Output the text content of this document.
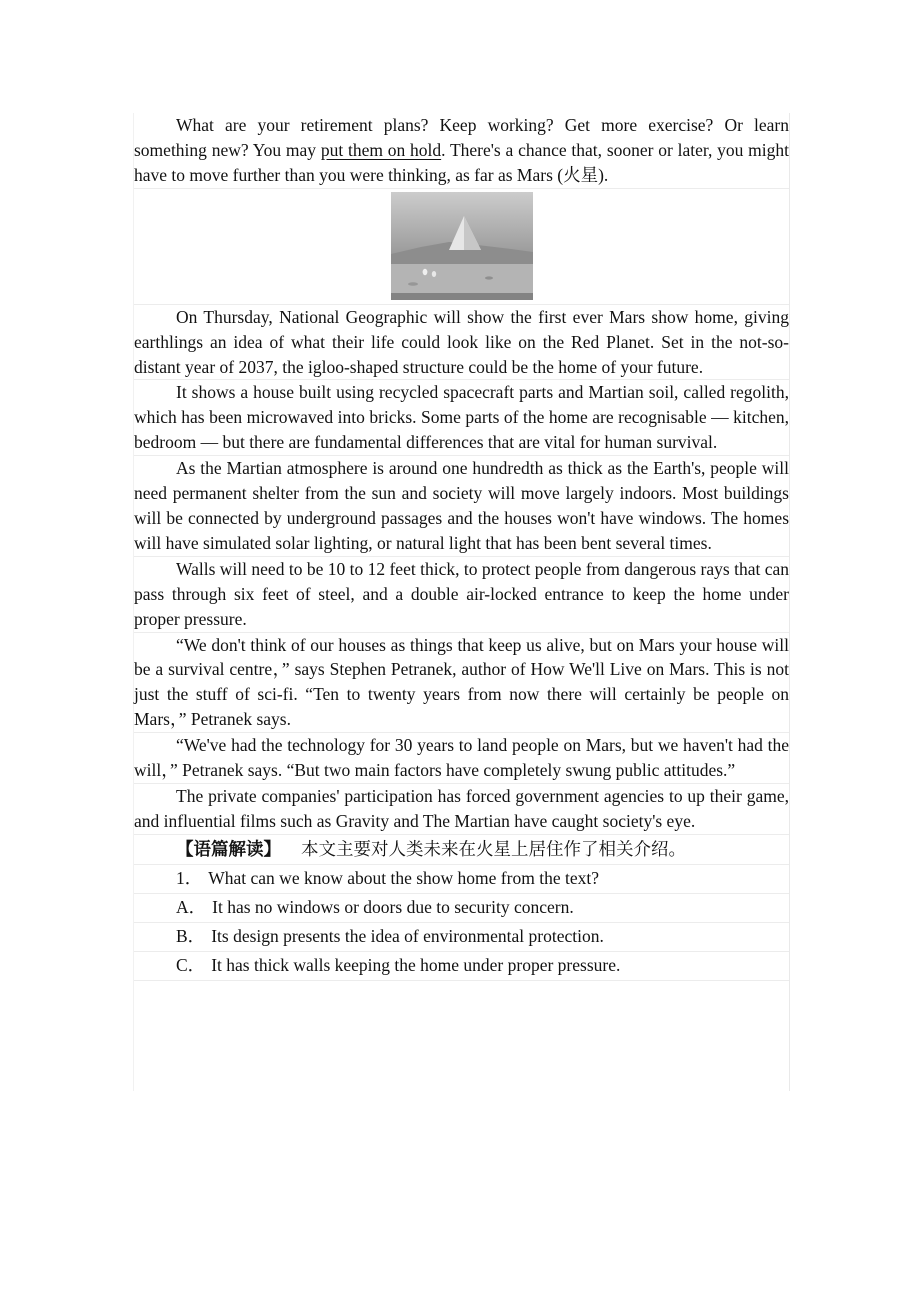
What are your retirement plans? Keep working? Get more exercise? Or learn something new? You may put them on hold. There's a chance that, sooner or later, you might have to move further than you were thinking, as far as Mars (火星).

On Thursday, National Geographic will show the first ever Mars show home, giving earthlings an idea of what their life could look like on the Red Planet. Set in the not-so-distant year of 2037, the igloo-shaped structure could be the home of your future.

It shows a house built using recycled spacecraft parts and Martian soil, called regolith, which has been microwaved into bricks. Some parts of the home are recognisable — kitchen, bedroom — but there are fundamental differences that are vital for human survival.

As the Martian atmosphere is around one hundredth as thick as the Earth's, people will need permanent shelter from the sun and society will move largely indoors. Most buildings will be connected by underground passages and the houses won't have windows. The homes will have simulated solar lighting, or natural light that has been bent several times.

Walls will need to be 10 to 12 feet thick, to protect people from dangerous rays that can pass through six feet of steel, and a double air-locked entrance to keep the home under proper pressure.

“We don't think of our houses as things that keep us alive, but on Mars your house will be a survival centre，” says Stephen Petranek, author of How We'll Live on Mars. This is not just the stuff of sci-fi. “Ten to twenty years from now there will certainly be people on Mars，” Petranek says.

“We've had the technology for 30 years to land people on Mars, but we haven't had the will，” Petranek says. “But two main factors have completely swung public attitudes.”

The private companies' participation has forced government agencies to up their game, and influential films such as Gravity and The Martian have caught society's eye.

【语篇解读】 本文主要对人类未来在火星上居住作了相关介绍。

1． What can we know about the show home from the text?

A． It has no windows or doors due to security concern.

B． Its design presents the idea of environmental protection.

C． It has thick walls keeping the home under proper pressure.
